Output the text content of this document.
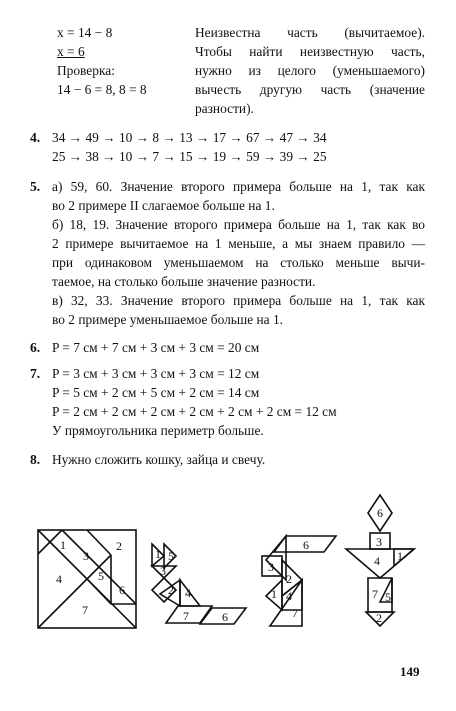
x = 14 − 8
x = 6
Проверка:
14 − 6 = 8, 8 = 8
Неизвестна часть (вычитаемое).
Чтобы найти неизвестную часть,
нужно из целого (уменьшаемого)
вычесть другую часть (значение
разности).
4. 34 → 49 → 10 → 8 → 13 → 17 → 67 → 47 → 34
25 → 38 → 10 → 7 → 15 → 19 → 59 → 39 → 25
5. а) 59, 60. Значение второго примера больше на 1, так как
во 2 примере II слагаемое больше на 1.
б) 18, 19. Значение второго примера больше на 1, так как во
2 примере вычитаемое на 1 меньше, а мы знаем правило —
при одинаковом уменьшаемом на столько меньше вычи-
таемое, на столько больше значение разности.
в) 32, 33. Значение второго примера больше на 1, так как
во 2 примере уменьшаемое больше на 1.
6. P = 7 см + 7 см + 3 см + 3 см = 20 см
7. P = 3 см + 3 см + 3 см + 3 см = 12 см
P = 5 см + 2 см + 5 см + 2 см = 14 см
P = 2 см + 2 см + 2 см + 2 см + 2 см + 2 см = 12 см
У прямоугольника периметр больше.
8. Нужно сложить кошку, зайца и свечу.
1	2
3
4	5
6
7
1 5
3
2 4
7	6
6
3
2
1 4
7
6
3
4 1
7 5
2
149
